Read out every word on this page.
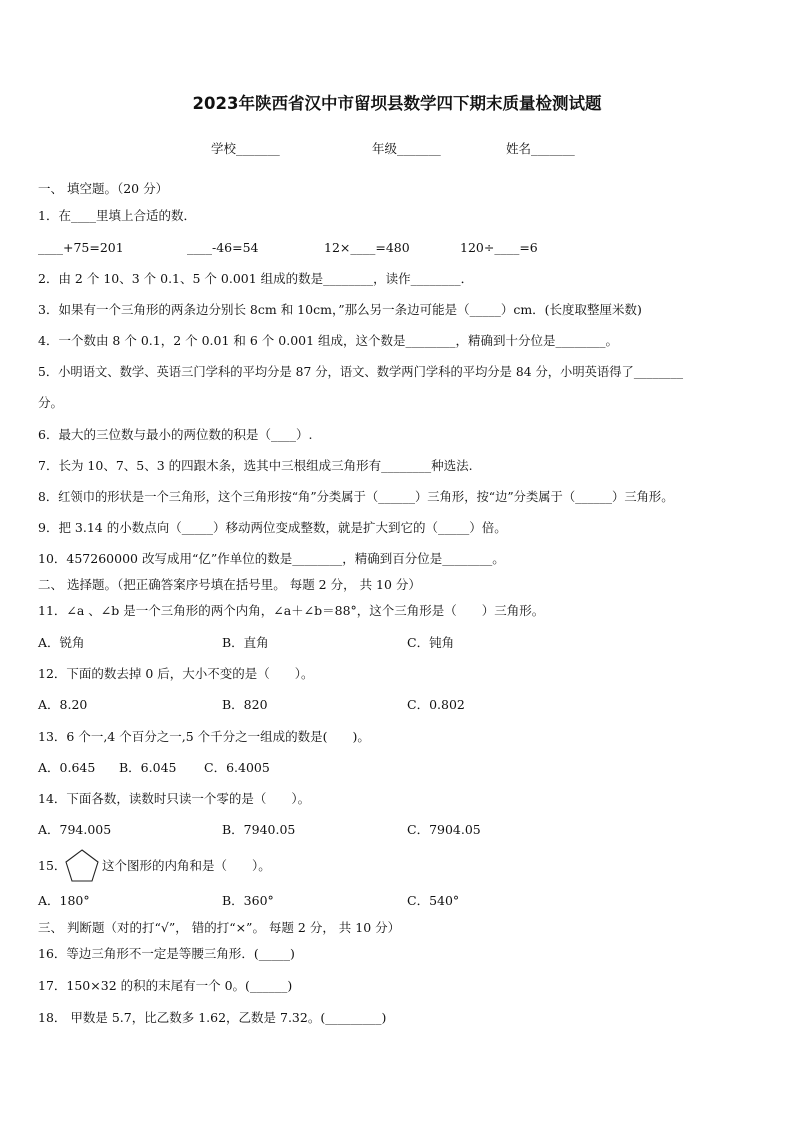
2023年陕西省汉中市留坝县数学四下期末质量检测试题
学校_______	年级_______	姓名_______
一、 填空题。（20 分）
1．在____里填上合适的数．
____+75=201	____-46=54	12×____=480	120÷____=6
2．由 2 个 10、3 个 0.1、5 个 0.001 组成的数是________，读作________．
3．如果有一个三角形的两条边分别长 8cm 和 10cm，”那么另一条边可能是（_____）cm．(长度取整厘米数)
4．一个数由 8 个 0.1，2 个 0.01 和 6 个 0.001 组成，这个数是________，精确到十分位是________。
5．小明语文、数学、英语三门学科的平均分是 87 分，语文、数学两门学科的平均分是 84 分，小明英语得了________
分。
6．最大的三位数与最小的两位数的积是（____）.
7．长为 10、7、5、3 的四跟木条，选其中三根组成三角形有________种选法.
8．红领巾的形状是一个三角形，这个三角形按“角”分类属于（______）三角形，按“边”分类属于（______）三角形。
9．把 3.14 的小数点向（_____）移动两位变成整数，就是扩大到它的（_____）倍。
10．457260000 改写成用“亿”作单位的数是________，精确到百分位是________。
二、 选择题。（把正确答案序号填在括号里。 每题 2 分， 共 10 分）
11．∠a 、∠b 是一个三角形的两个内角，∠a＋∠b＝88°，这个三角形是（　　）三角形。
A．锐角	B．直角	C．钝角
12．下面的数去掉 0 后，大小不变的是（　　）。
A．8.20	B．820	C．0.802
13．6 个一,4 个百分之一,5 个千分之一组成的数是(　　)。
A．0.645 B．6.045 C．6.4005
14．下面各数，读数时只读一个零的是（　　）。
A．794.005	B．7940.05	C．7904.05
15．	这个图形的内角和是（　　）。
A．180°	B．360°	C．540°
三、 判断题（对的打“√”， 错的打“×”。 每题 2 分， 共 10 分）
16．等边三角形不一定是等腰三角形．(_____)
17．150×32 的积的末尾有一个 0。(______)
18． 甲数是 5.7，比乙数多 1.62，乙数是 7.32。(_________)
